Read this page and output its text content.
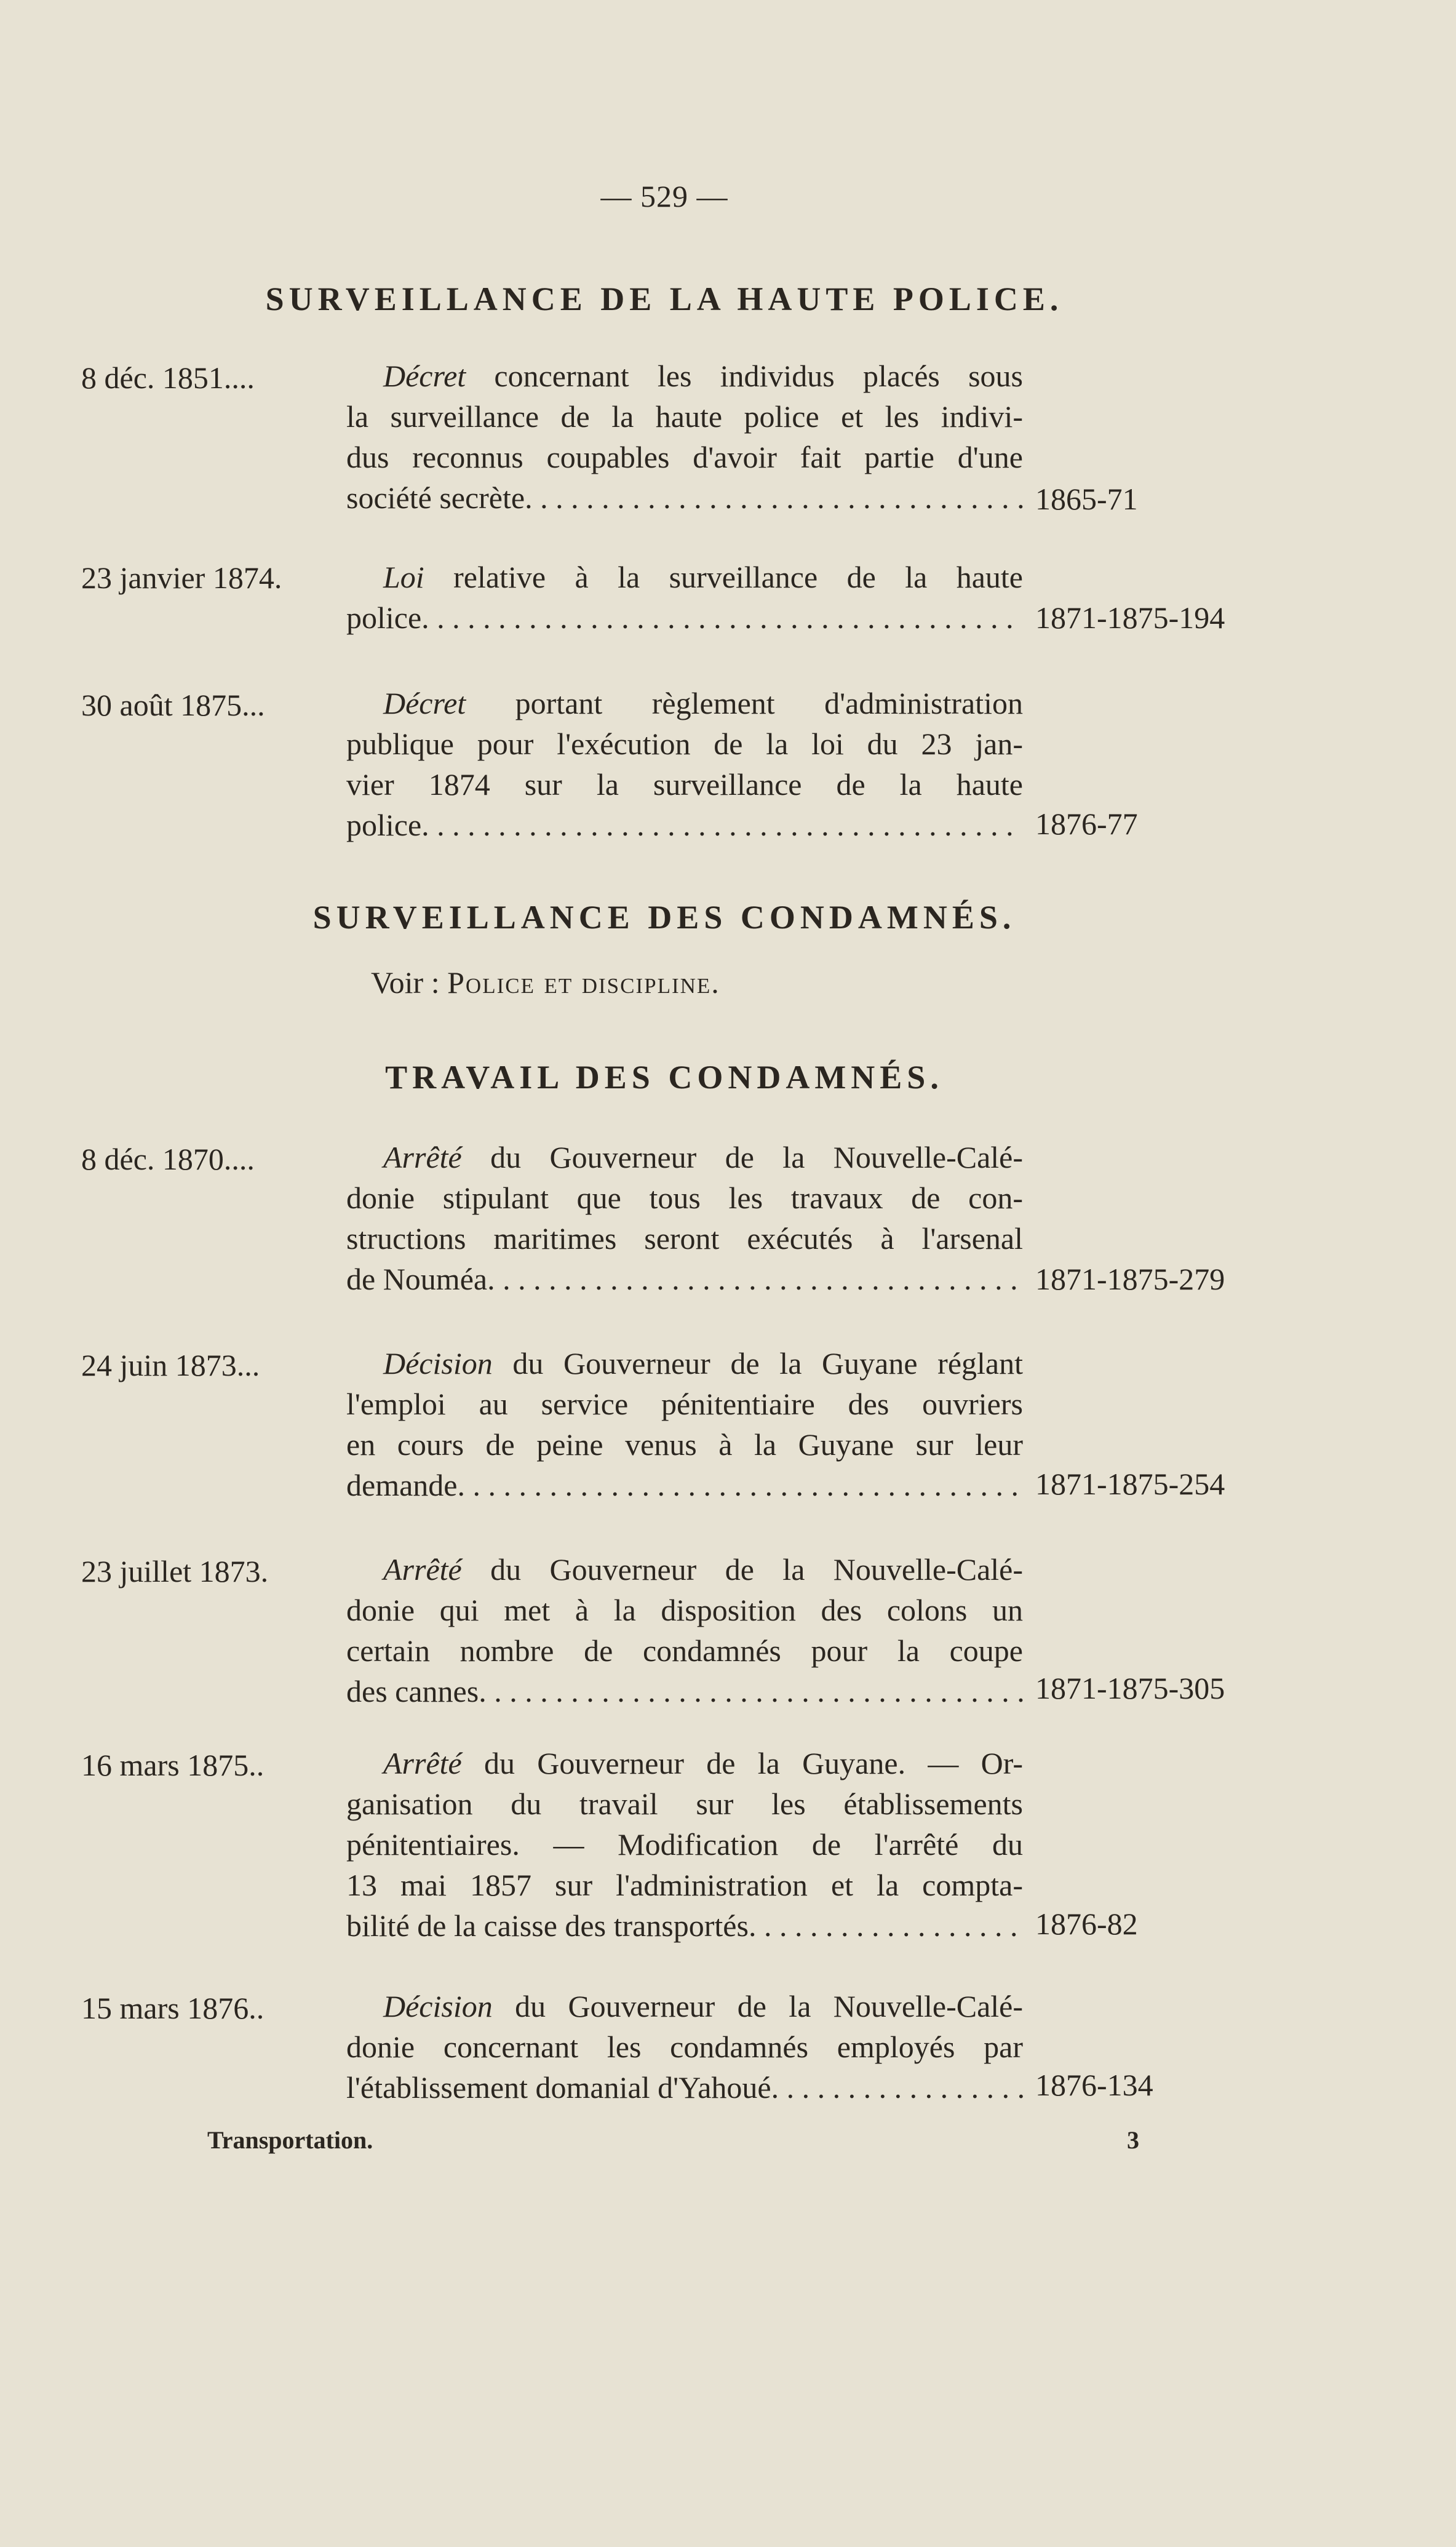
— 529 —
SURVEILLANCE DE LA HAUTE POLICE.
8 déc. 1851....	Décret concernant les individus placés sous
la surveillance de la haute police et les indivi-
dus reconnus coupables d'avoir fait partie d'une
société secrète . . .	1865-71
23 janvier 1874.	Loi relative à la surveillance de la haute
police . . .	1871-1875-194
30 août 1875...	Décret portant règlement d'administration
publique pour l'exécution de la loi du 23 jan-
vier 1874 sur la surveillance de la haute
police . . .	1876-77
SURVEILLANCE DES CONDAMNÉS.
Voir : Police et discipline.
TRAVAIL DES CONDAMNÉS.
8 déc. 1870....	Arrêté du Gouverneur de la Nouvelle-Calé-
donie stipulant que tous les travaux de con-
structions maritimes seront exécutés à l'arsenal
de Nouméa . . .	1871-1875-279
24 juin 1873...	Décision du Gouverneur de la Guyane réglant
l'emploi au service pénitentiaire des ouvriers
en cours de peine venus à la Guyane sur leur
demande . . .	1871-1875-254
23 juillet 1873.	Arrêté du Gouverneur de la Nouvelle-Calé-
donie qui met à la disposition des colons un
certain nombre de condamnés pour la coupe
des cannes . . .	1871-1875-305
16 mars 1875..	Arrêté du Gouverneur de la Guyane. — Or-
ganisation du travail sur les établissements
pénitentiaires. — Modification de l'arrêté du
13 mai 1857 sur l'administration et la compta-
bilité de la caisse des transportés . . .	1876-82
15 mars 1876..	Décision du Gouverneur de la Nouvelle-Calé-
donie concernant les condamnés employés par
l'établissement domanial d'Yahoué . . .	1876-134
Transportation.	3
